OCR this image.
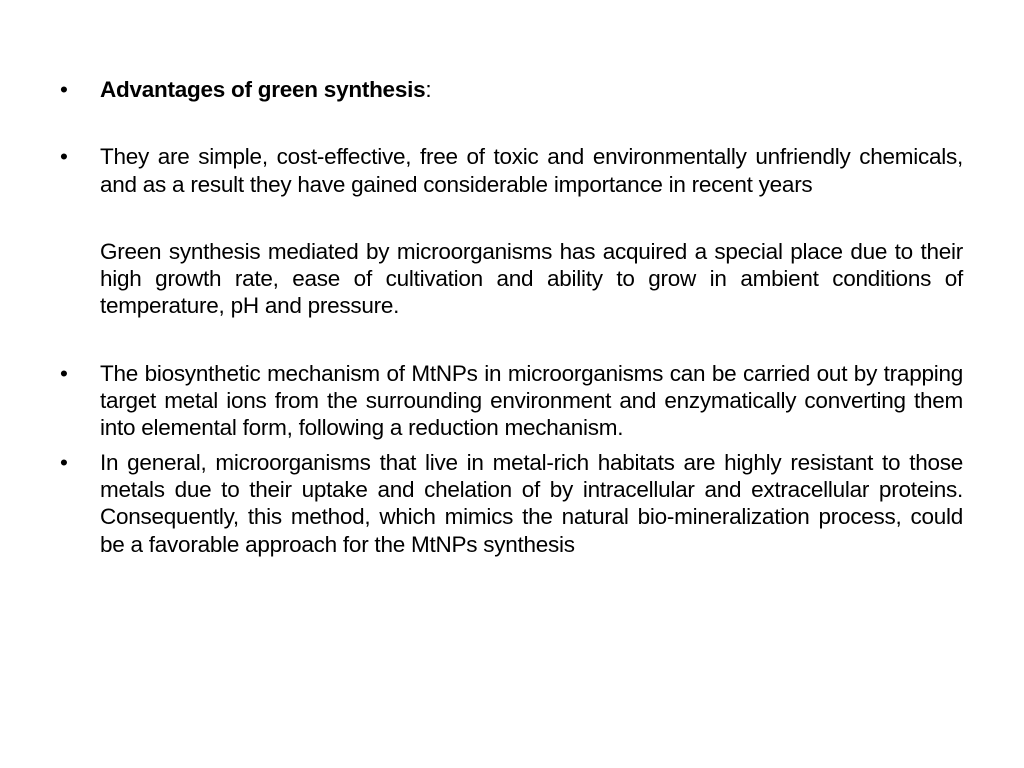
•	Advantages of green synthesis:
•	They are simple, cost-effective, free of toxic and environmentally unfriendly chemicals, and as a result they have gained considerable importance in recent years
Green synthesis mediated by microorganisms has acquired a special place due to their high growth rate, ease of cultivation and ability to grow in ambient conditions of temperature, pH and pressure.
•	The biosynthetic mechanism of MtNPs in microorganisms can be carried out by trapping target metal ions from the surrounding environment and enzymatically converting them into elemental form, following a reduction mechanism.
•	In general, microorganisms that live in metal-rich habitats are highly resistant to those metals due to their uptake and chelation of by intracellular and extracellular proteins. Consequently, this method, which mimics the natural bio-mineralization process, could be a favorable approach for the MtNPs synthesis
